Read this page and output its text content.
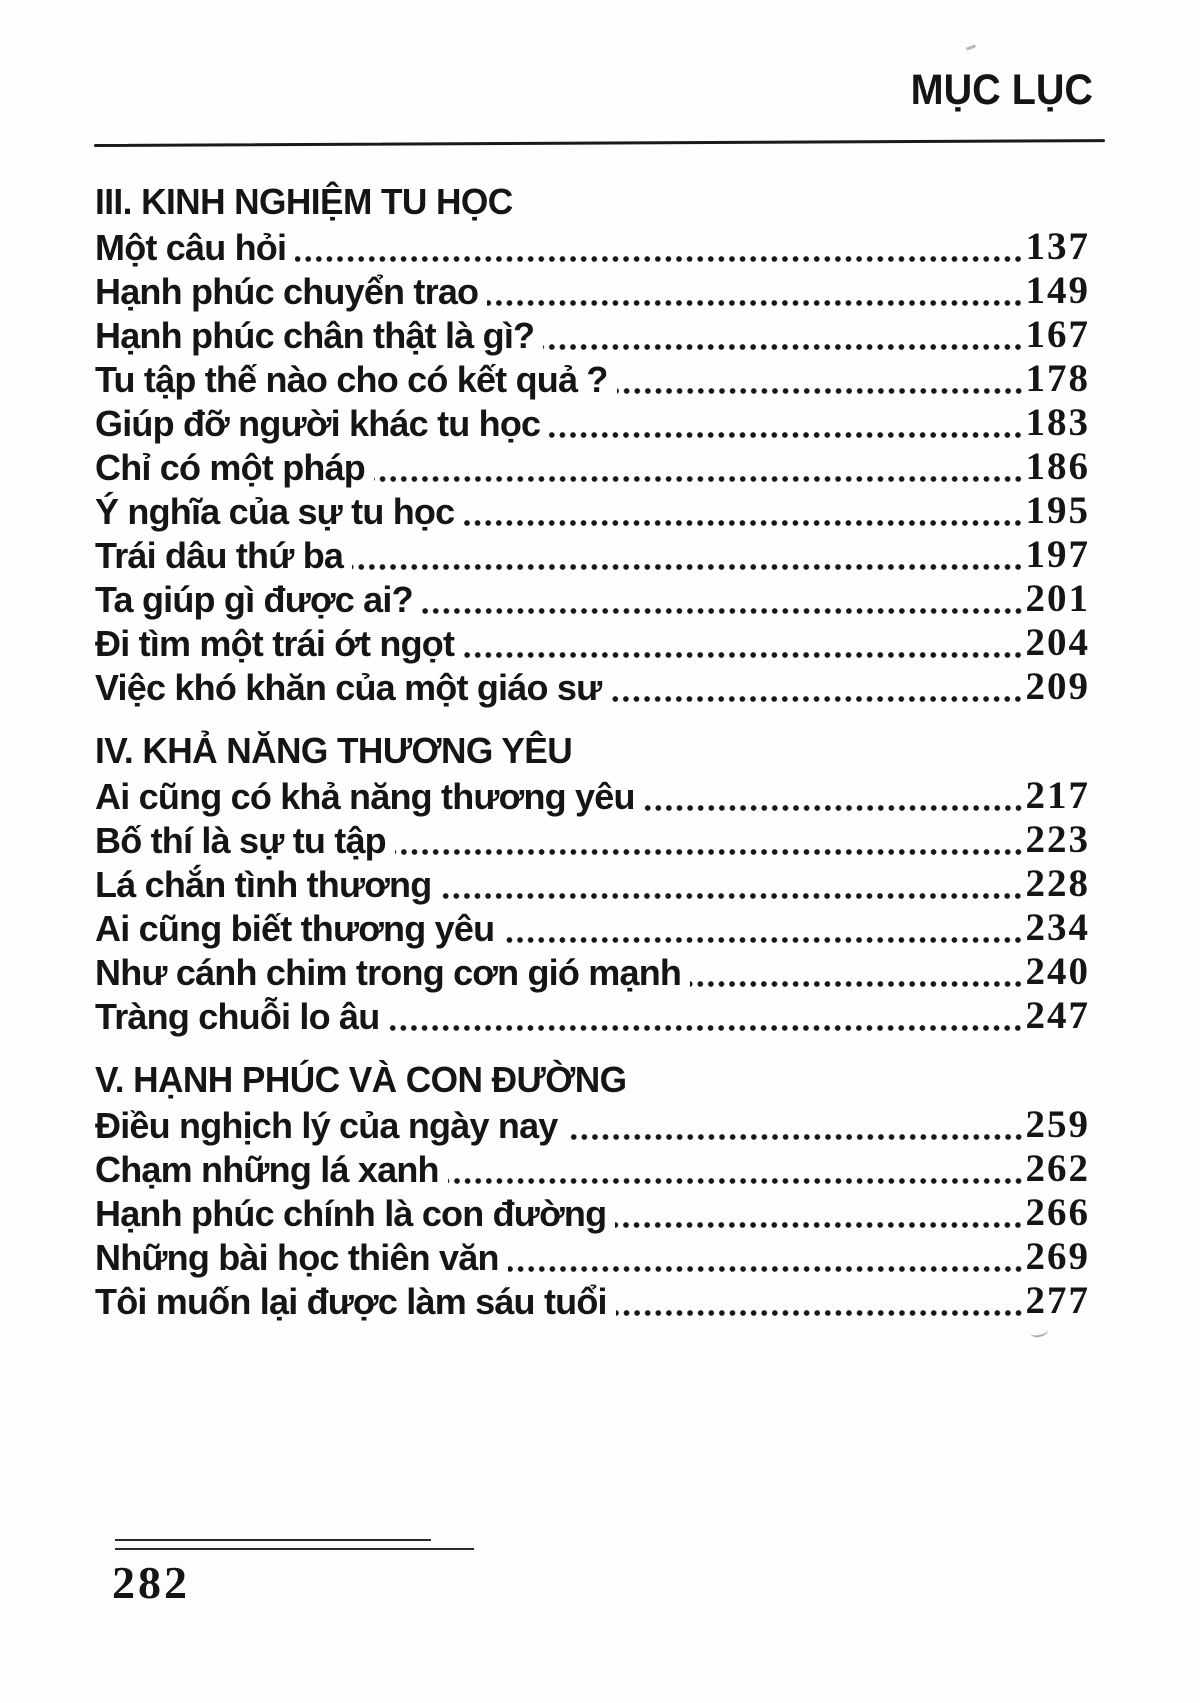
MỤC LỤC
III. KINH NGHIỆM TU HỌC
Một câu hỏi	137
Hạnh phúc chuyển trao	149
Hạnh phúc chân thật là gì?	167
Tu tập thế nào cho có kết quả ?	178
Giúp đỡ người khác tu học	183
Chỉ có một pháp	186
Ý nghĩa của sự tu học	195
Trái dâu thứ ba	197
Ta giúp gì được ai?	201
Đi tìm một trái ớt ngọt	204
Việc khó khăn của một giáo sư	209
IV. KHẢ NĂNG THƯƠNG YÊU
Ai cũng có khả năng thương yêu	217
Bố thí là sự tu tập	223
Lá chắn tình thương	228
Ai cũng biết thương yêu	234
Như cánh chim trong cơn gió mạnh	240
Tràng chuỗi lo âu	247
V. HẠNH PHÚC VÀ CON ĐƯỜNG
Điều nghịch lý của ngày nay	259
Chạm những lá xanh	262
Hạnh phúc chính là con đường	266
Những bài học thiên văn	269
Tôi muốn lại được làm sáu tuổi	277
282
